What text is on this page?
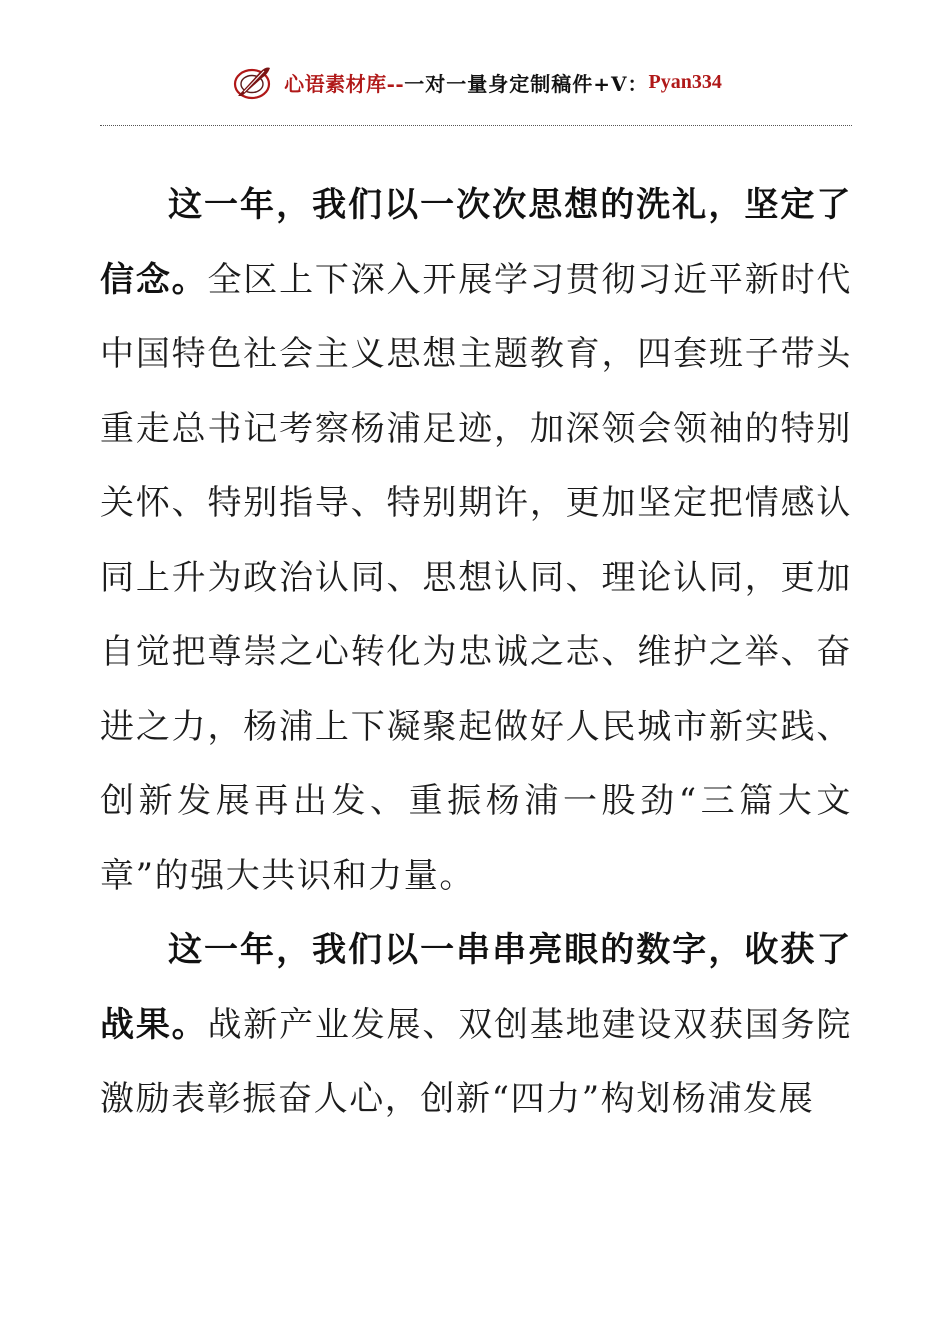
心语素材库-- 一对一量身定制稿件+V： Pyan334

这一年，我们以一次次思想的洗礼，坚定了信念。全区上下深入开展学习贯彻习近平新时代中国特色社会主义思想主题教育，四套班子带头重走总书记考察杨浦足迹，加深领会领袖的特别关怀、特别指导、特别期许，更加坚定把情感认同上升为政治认同、思想认同、理论认同，更加自觉把尊崇之心转化为忠诚之志、维护之举、奋进之力，杨浦上下凝聚起做好人民城市新实践、创新发展再出发、重振杨浦一股劲“三篇大文章”的强大共识和力量。

这一年，我们以一串串亮眼的数字，收获了战果。战新产业发展、双创基地建设双获国务院激励表彰振奋人心，创新“四力”构划杨浦发展
